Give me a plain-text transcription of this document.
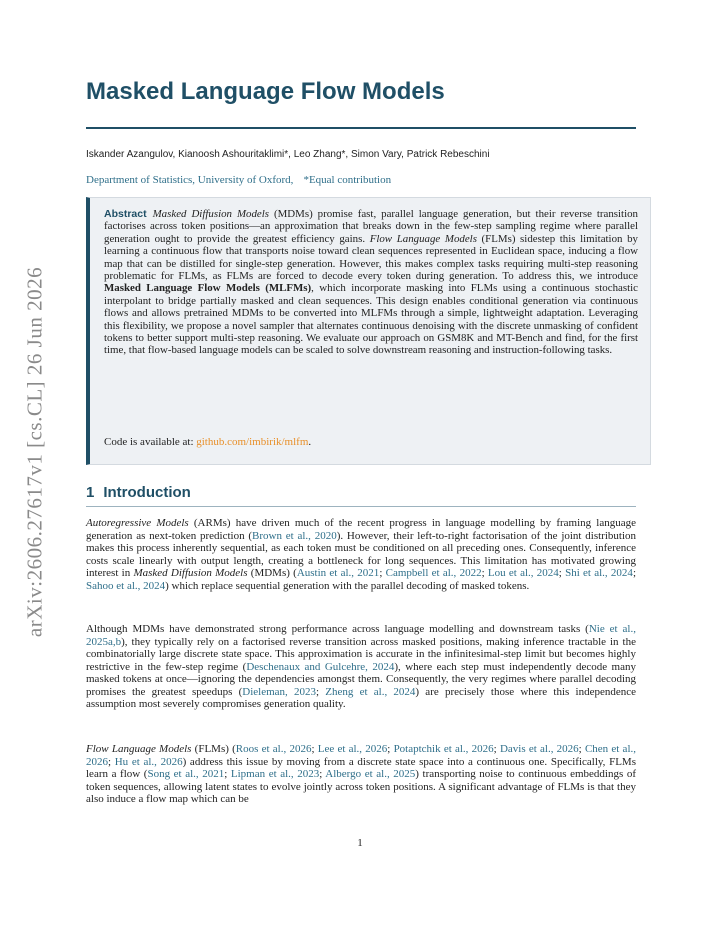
arXiv:2606.27617v1 [cs.CL] 26 Jun 2026
Masked Language Flow Models
Iskander Azangulov, Kianoosh Ashouritaklimi*, Leo Zhang*, Simon Vary, Patrick Rebeschini
Department of Statistics, University of Oxford, *Equal contribution
Abstract Masked Diffusion Models (MDMs) promise fast, parallel language generation, but their reverse transition factorises across token positions—an approximation that breaks down in the few-step sampling regime where parallel generation ought to provide the greatest efficiency gains. Flow Language Models (FLMs) sidestep this limitation by learning a continuous flow that transports noise toward clean sequences represented in Euclidean space, inducing a flow map that can be distilled for single-step generation. However, this makes complex tasks requiring multi-step reasoning problematic for FLMs, as FLMs are forced to decode every token during generation. To address this, we introduce Masked Language Flow Models (MLFMs), which incorporate masking into FLMs using a continuous stochastic interpolant to bridge partially masked and clean sequences. This design enables conditional generation via continuous flows and allows pretrained MDMs to be converted into MLFMs through a simple, lightweight adaptation. Leveraging this flexibility, we propose a novel sampler that alternates continuous denoising with the discrete unmasking of confident tokens to better support multi-step reasoning. We evaluate our approach on GSM8K and MT-Bench and find, for the first time, that flow-based language models can be scaled to solve downstream reasoning and instruction-following tasks.
Code is available at: github.com/imbirik/mlfm.
1 Introduction

Autoregressive Models (ARMs) have driven much of the recent progress in language modelling by framing language generation as next-token prediction (Brown et al., 2020). However, their left-to-right factorisation of the joint distribution makes this process inherently sequential, as each token must be conditioned on all preceding ones. Consequently, inference costs scale linearly with output length, creating a bottleneck for long sequences. This limitation has motivated growing interest in Masked Diffusion Models (MDMs) (Austin et al., 2021; Campbell et al., 2022; Lou et al., 2024; Shi et al., 2024; Sahoo et al., 2024) which replace sequential generation with the parallel decoding of masked tokens.

Although MDMs have demonstrated strong performance across language modelling and downstream tasks (Nie et al., 2025a,b), they typically rely on a factorised reverse transition across masked positions, making inference tractable in the combinatorially large discrete state space. This approximation is accurate in the infinitesimal-step limit but becomes highly restrictive in the few-step regime (Deschenaux and Gulcehre, 2024), where each step must independently decode many masked tokens at once—ignoring the dependencies amongst them. Consequently, the very regimes where parallel decoding promises the greatest speedups (Dieleman, 2023; Zheng et al., 2024) are precisely those where this independence assumption most severely compromises generation quality.

Flow Language Models (FLMs) (Roos et al., 2026; Lee et al., 2026; Potaptchik et al., 2026; Davis et al., 2026; Chen et al., 2026; Hu et al., 2026) address this issue by moving from a discrete state space into a continuous one. Specifically, FLMs learn a flow (Song et al., 2021; Lipman et al., 2023; Albergo et al., 2025) transporting noise to continuous embeddings of token sequences, allowing latent states to evolve jointly across token positions. A significant advantage of FLMs is that they also induce a flow map which can be

1
